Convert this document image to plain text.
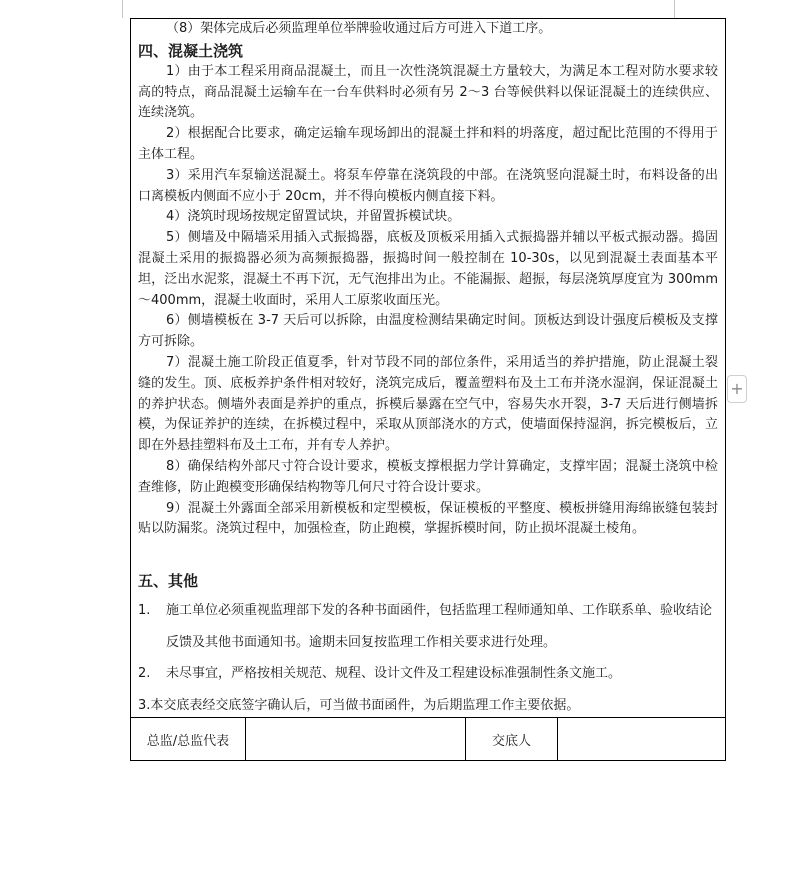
（8）架体完成后必须监理单位举牌验收通过后方可进入下道工序。

四、混凝土浇筑

1）由于本工程采用商品混凝土，而且一次性浇筑混凝土方量较大，为满足本工程对防水要求较高的特点，商品混凝土运输车在一台车供料时必须有另 2～3 台等候供料以保证混凝土的连续供应、连续浇筑。

2）根据配合比要求，确定运输车现场卸出的混凝土拌和料的坍落度，超过配比范围的不得用于主体工程。

3）采用汽车泵输送混凝土。将泵车停靠在浇筑段的中部。在浇筑竖向混凝土时，布料设备的出口离模板内侧面不应小于 20cm，并不得向模板内侧直接下料。

4）浇筑时现场按规定留置试块，并留置拆模试块。

5）侧墙及中隔墙采用插入式振捣器，底板及顶板采用插入式振捣器并辅以平板式振动器。捣固混凝土采用的振捣器必须为高频振捣器，振捣时间一般控制在 10-30s，以见到混凝土表面基本平坦，泛出水泥浆，混凝土不再下沉，无气泡排出为止。不能漏振、超振，每层浇筑厚度宜为 300mm～400mm，混凝土收面时，采用人工原浆收面压光。

6）侧墙模板在 3-7 天后可以拆除，由温度检测结果确定时间。顶板达到设计强度后模板及支撑方可拆除。

7）混凝土施工阶段正值夏季，针对节段不同的部位条件，采用适当的养护措施，防止混凝土裂缝的发生。顶、底板养护条件相对较好，浇筑完成后，覆盖塑料布及土工布并浇水湿润，保证混凝土的养护状态。侧墙外表面是养护的重点，拆模后暴露在空气中，容易失水开裂，3-7 天后进行侧墙拆模，为保证养护的连续，在拆模过程中，采取从顶部浇水的方式，使墙面保持湿润，拆完模板后，立即在外悬挂塑料布及土工布，并有专人养护。

8）确保结构外部尺寸符合设计要求，模板支撑根据力学计算确定，支撑牢固；混凝土浇筑中检查维修，防止跑模变形确保结构物等几何尺寸符合设计要求。

9）混凝土外露面全部采用新模板和定型模板，保证模板的平整度、模板拼缝用海绵嵌缝包装封贴以防漏浆。浇筑过程中，加强检查，防止跑模，掌握拆模时间，防止损坏混凝土棱角。

五、其他

1.	施工单位必须重视监理部下发的各种书面函件，包括监理工程师通知单、工作联系单、验收结论反馈及其他书面通知书。逾期未回复按监理工作相关要求进行处理。
2.	未尽事宜，严格按相关规范、规程、设计文件及工程建设标准强制性条文施工。

3.本交底表经交底签字确认后，可当做书面函件，为后期监理工作主要依据。

总监/总监代表	交底人
+
